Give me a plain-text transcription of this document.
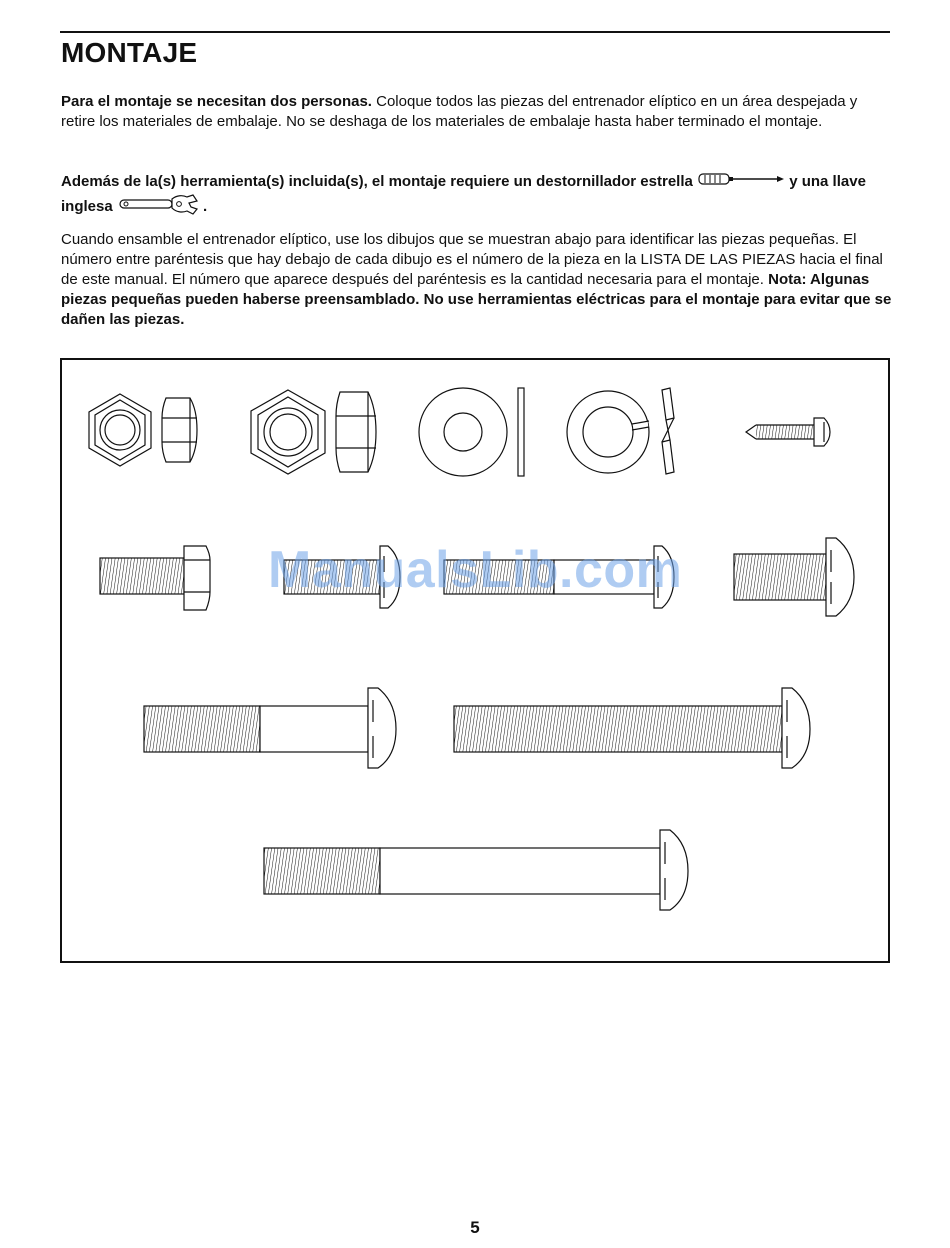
MONTAJE

Para el montaje se necesitan dos personas. Coloque todos las piezas del entrenador elíptico en un área despejada y retire los materiales de embalaje. No se deshaga de los materiales de embalaje hasta haber terminado el montaje.

Además de la(s) herramienta(s) incluida(s), el montaje requiere un destornillador estrella	y una llave inglesa	.

Cuando ensamble el entrenador elíptico, use los dibujos que se muestran abajo para identificar las piezas pequeñas. El número entre paréntesis que hay debajo de cada dibujo es el número de la pieza en la LISTA DE LAS PIEZAS hacia el final de este manual. El número que aparece después del paréntesis es la cantidad necesaria para el montaje. Nota: Algunas piezas pequeñas pueden haberse preensamblado. No use herramientas eléctricas para el montaje para evitar que se dañen las piezas.

ManualsLib.com
5
